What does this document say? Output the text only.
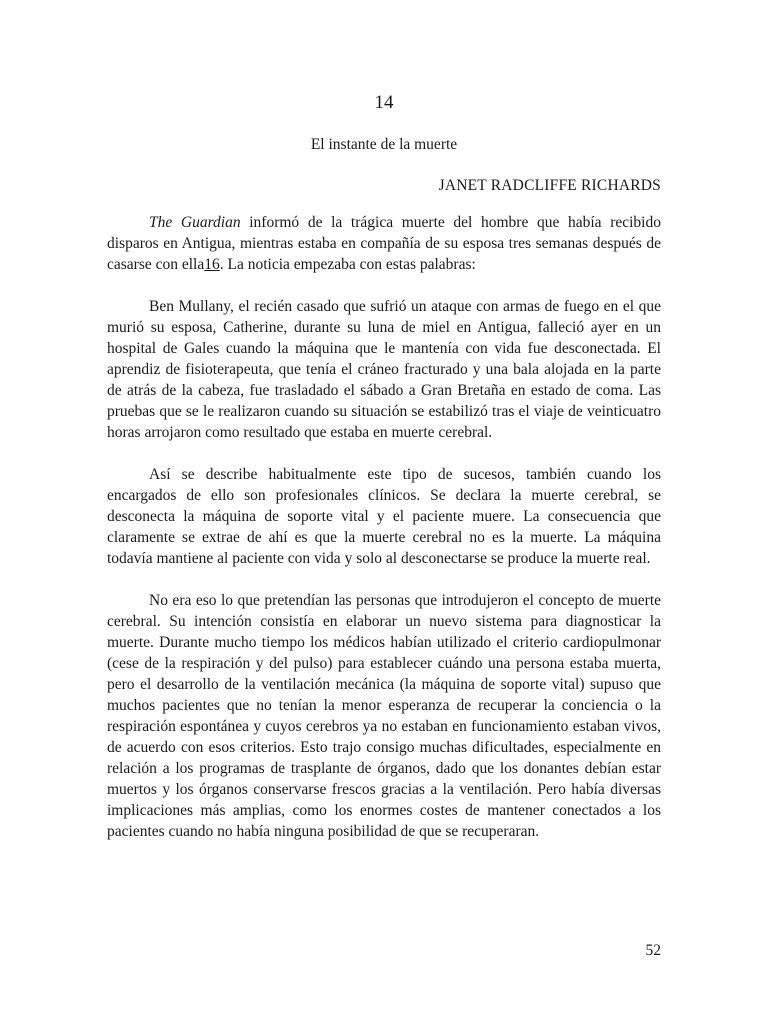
14
El instante de la muerte
JANET RADCLIFFE RICHARDS

The Guardian informó de la trágica muerte del hombre que había recibido disparos en Antigua, mientras estaba en compañía de su esposa tres semanas después de casarse con ella16. La noticia empezaba con estas palabras:

Ben Mullany, el recién casado que sufrió un ataque con armas de fuego en el que murió su esposa, Catherine, durante su luna de miel en Antigua, falleció ayer en un hospital de Gales cuando la máquina que le mantenía con vida fue desconectada. El aprendiz de fisioterapeuta, que tenía el cráneo fracturado y una bala alojada en la parte de atrás de la cabeza, fue trasladado el sábado a Gran Bretaña en estado de coma. Las pruebas que se le realizaron cuando su situación se estabilizó tras el viaje de veinticuatro horas arrojaron como resultado que estaba en muerte cerebral.

Así se describe habitualmente este tipo de sucesos, también cuando los encargados de ello son profesionales clínicos. Se declara la muerte cerebral, se desconecta la máquina de soporte vital y el paciente muere. La consecuencia que claramente se extrae de ahí es que la muerte cerebral no es la muerte. La máquina todavía mantiene al paciente con vida y solo al desconectarse se produce la muerte real.

No era eso lo que pretendían las personas que introdujeron el concepto de muerte cerebral. Su intención consistía en elaborar un nuevo sistema para diagnosticar la muerte. Durante mucho tiempo los médicos habían utilizado el criterio cardiopulmonar (cese de la respiración y del pulso) para establecer cuándo una persona estaba muerta, pero el desarrollo de la ventilación mecánica (la máquina de soporte vital) supuso que muchos pacientes que no tenían la menor esperanza de recuperar la conciencia o la respiración espontánea y cuyos cerebros ya no estaban en funcionamiento estaban vivos, de acuerdo con esos criterios. Esto trajo consigo muchas dificultades, especialmente en relación a los programas de trasplante de órganos, dado que los donantes debían estar muertos y los órganos conservarse frescos gracias a la ventilación. Pero había diversas implicaciones más amplias, como los enormes costes de mantener conectados a los pacientes cuando no había ninguna posibilidad de que se recuperaran.

52
